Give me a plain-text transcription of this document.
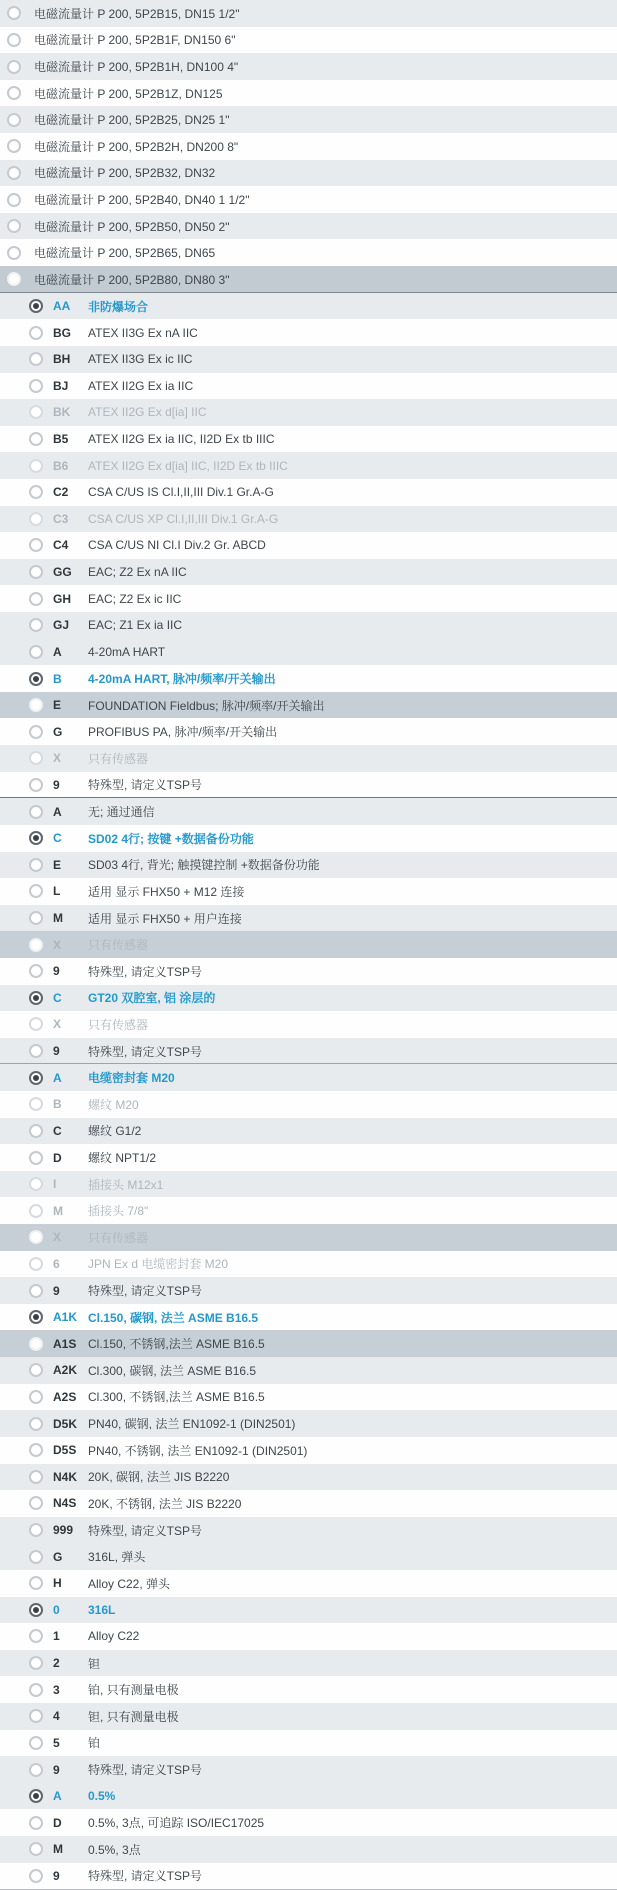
电磁流量计 P 200, 5P2B15, DN15 1/2"
电磁流量计 P 200, 5P2B1F, DN150 6"
电磁流量计 P 200, 5P2B1H, DN100 4"
电磁流量计 P 200, 5P2B1Z, DN125
电磁流量计 P 200, 5P2B25, DN25 1"
电磁流量计 P 200, 5P2B2H, DN200 8"
电磁流量计 P 200, 5P2B32, DN32
电磁流量计 P 200, 5P2B40, DN40 1 1/2"
电磁流量计 P 200, 5P2B50, DN50 2"
电磁流量计 P 200, 5P2B65, DN65
电磁流量计 P 200, 5P2B80, DN80 3"
AA	非防爆场合
BG	ATEX II3G Ex nA IIC
BH	ATEX II3G Ex ic IIC
BJ	ATEX II2G Ex ia IIC
BK	ATEX II2G Ex d[ia] IIC
B5	ATEX II2G Ex ia IIC, II2D Ex tb IIIC
B6	ATEX II2G Ex d[ia] IIC, II2D Ex tb IIIC
C2	CSA C/US IS Cl.I,II,III Div.1 Gr.A-G
C3	CSA C/US XP Cl.I,II,III Div.1 Gr.A-G
C4	CSA C/US NI Cl.I Div.2 Gr. ABCD
GG	EAC; Z2 Ex nA IIC
GH	EAC; Z2 Ex ic IIC
GJ	EAC; Z1 Ex ia IIC
A	4-20mA HART
B	4-20mA HART, 脉冲/频率/开关输出
E	FOUNDATION Fieldbus; 脉冲/频率/开关输出
G	PROFIBUS PA, 脉冲/频率/开关输出
X	只有传感器
9	特殊型, 请定义TSP号
A	无; 通过通信
C	SD02 4行; 按键 +数据备份功能
E	SD03 4行, 背光; 触摸键控制 +数据备份功能
L	适用 显示 FHX50 + M12 连接
M	适用 显示 FHX50 + 用户连接
X	只有传感器
9	特殊型, 请定义TSP号
C	GT20 双腔室, 铝 涂层的
X	只有传感器
9	特殊型, 请定义TSP号
A	电缆密封套 M20
B	螺纹 M20
C	螺纹 G1/2
D	螺纹 NPT1/2
I	插接头 M12x1
M	插接头 7/8"
X	只有传感器
6	JPN Ex d 电缆密封套 M20
9	特殊型, 请定义TSP号
A1K Cl.150, 碳钢, 法兰 ASME B16.5
A1S Cl.150, 不锈钢,法兰 ASME B16.5
A2K Cl.300, 碳钢, 法兰 ASME B16.5
A2S Cl.300, 不锈钢,法兰 ASME B16.5
D5K PN40, 碳钢, 法兰 EN1092-1 (DIN2501)
D5S PN40, 不锈钢, 法兰 EN1092-1 (DIN2501)
N4K 20K, 碳钢, 法兰 JIS B2220
N4S 20K, 不锈钢, 法兰 JIS B2220
999	特殊型, 请定义TSP号
G	316L, 弹头
H	Alloy C22, 弹头
0	316L
1	Alloy C22
2	钽
3	铂, 只有测量电极
4	钽, 只有测量电极
5	铂
9	特殊型, 请定义TSP号
A	0.5%
D	0.5%, 3点, 可追踪 ISO/IEC17025
M	0.5%, 3点
9	特殊型, 请定义TSP号
